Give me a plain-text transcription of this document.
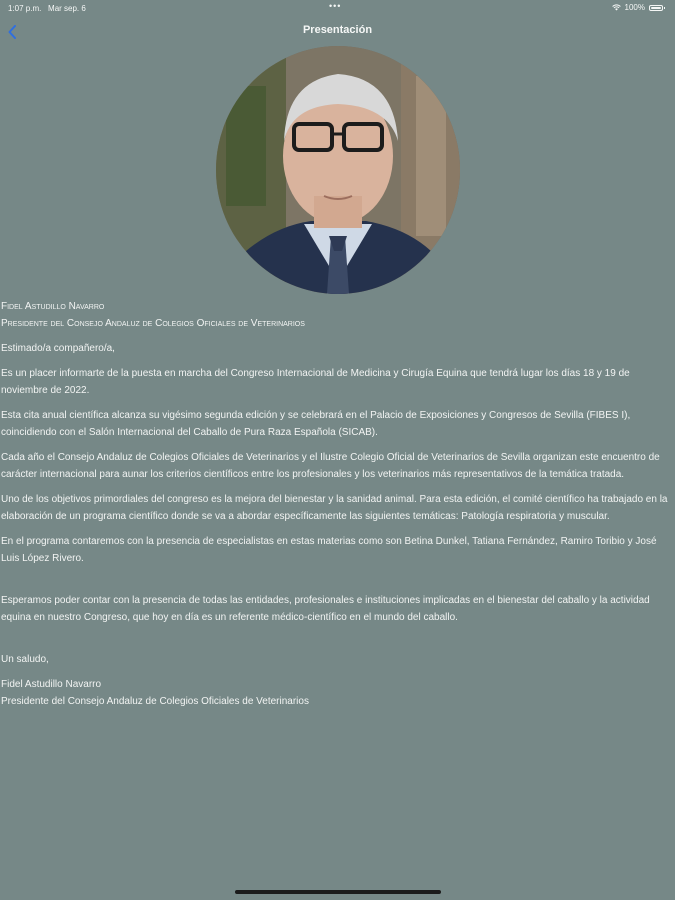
1:07 p.m. Mar sep. 6	•••	100%
Presentación

Fidel Astudillo Navarro

Presidente del Consejo Andaluz de Colegios Oficiales de Veterinarios

Estimado/a compañero/a,

Es un placer informarte de la puesta en marcha del Congreso Internacional de Medicina y Cirugía Equina que tendrá lugar los días 18 y 19 de noviembre de 2022.

Esta cita anual científica alcanza su vigésimo segunda edición y se celebrará en el Palacio de Exposiciones y Congresos de Sevilla (FIBES I), coincidiendo con el Salón Internacional del Caballo de Pura Raza Española (SICAB).

Cada año el Consejo Andaluz de Colegios Oficiales de Veterinarios y el Ilustre Colegio Oficial de Veterinarios de Sevilla organizan este encuentro de carácter internacional para aunar los criterios científicos entre los profesionales y los veterinarios más representativos de la temática tratada.

Uno de los objetivos primordiales del congreso es la mejora del bienestar y la sanidad animal. Para esta edición, el comité científico ha trabajado en la elaboración de un programa científico donde se va a abordar específicamente las siguientes temáticas: Patología respiratoria y muscular.

En el programa contaremos con la presencia de especialistas en estas materias como son Betina Dunkel, Tatiana Fernández, Ramiro Toribio y José Luis López Rivero.

Esperamos poder contar con la presencia de todas las entidades, profesionales e instituciones implicadas en el bienestar del caballo y la actividad equina en nuestro Congreso, que hoy en día es un referente médico-científico en el mundo del caballo.

Un saludo,

Fidel Astudillo Navarro

Presidente del Consejo Andaluz de Colegios Oficiales de Veterinarios
